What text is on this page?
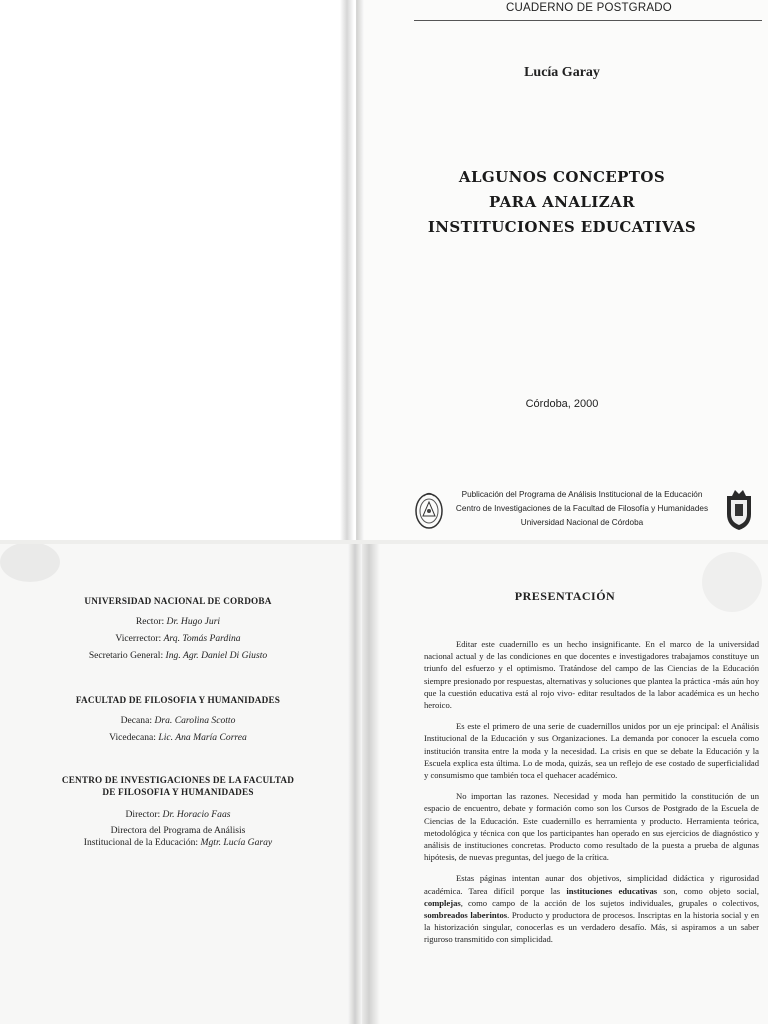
CUADERNO DE POSTGRADO
Lucía Garay
ALGUNOS CONCEPTOS
PARA ANALIZAR
INSTITUCIONES EDUCATIVAS
Córdoba, 2000
Publicación del Programa de Análisis Institucional de la Educación
Centro de Investigaciones de la Facultad de Filosofía y Humanidades
Universidad Nacional de Córdoba
UNIVERSIDAD NACIONAL DE CORDOBA
Rector: Dr. Hugo Juri
Vicerrector: Arq. Tomás Pardina
Secretario General: Ing. Agr. Daniel Di Giusto
FACULTAD DE FILOSOFIA Y HUMANIDADES
Decana: Dra. Carolina Scotto
Vicedecana: Lic. Ana María Correa
CENTRO DE INVESTIGACIONES DE LA FACULTAD
DE FILOSOFIA Y HUMANIDADES
Director: Dr. Horacio Faas
Directora del Programa de Análisis
Institucional de la Educación: Mgtr. Lucía Garay
PRESENTACIÓN

Editar este cuadernillo es un hecho insignificante. En el marco de la universidad nacional actual y de las condiciones en que docentes e investigadores trabajamos constituye un triunfo del esfuerzo y el optimismo. Tratándose del campo de las Ciencias de la Educación siempre presionado por respuestas, alternativas y soluciones que plantea la práctica -más aún hoy que la cuestión educativa está al rojo vivo- editar resultados de la labor académica es un hecho heroico.

Es este el primero de una serie de cuadernillos unidos por un eje principal: el Análisis Institucional de la Educación y sus Organizaciones. La demanda por conocer la escuela como institución transita entre la moda y la necesidad. La crisis en que se debate la Educación y la Escuela explica esta última. Lo de moda, quizás, sea un reflejo de ese costado de superficialidad y consumismo que también toca el quehacer académico.

No importan las razones. Necesidad y moda han permitido la constitución de un espacio de encuentro, debate y formación como son los Cursos de Postgrado de la Escuela de Ciencias de la Educación. Este cuadernillo es herramienta y producto. Herramienta teórica, metodológica y técnica con que los participantes han operado en sus ejercicios de diagnóstico y análisis de instituciones concretas. Producto como resultado de la puesta a prueba de algunas hipótesis, de nuevas preguntas, del juego de la crítica.

Estas páginas intentan aunar dos objetivos, simplicidad didáctica y rigurosidad académica. Tarea difícil porque las instituciones educativas son, como objeto social, complejas, como campo de la acción de los sujetos individuales, grupales o colectivos, sombreados laberintos. Producto y productora de procesos. Inscriptas en la historia social y en la historización singular, conocerlas es un verdadero desafío. Más, si aspiramos a un saber riguroso transmitido con simplicidad.
